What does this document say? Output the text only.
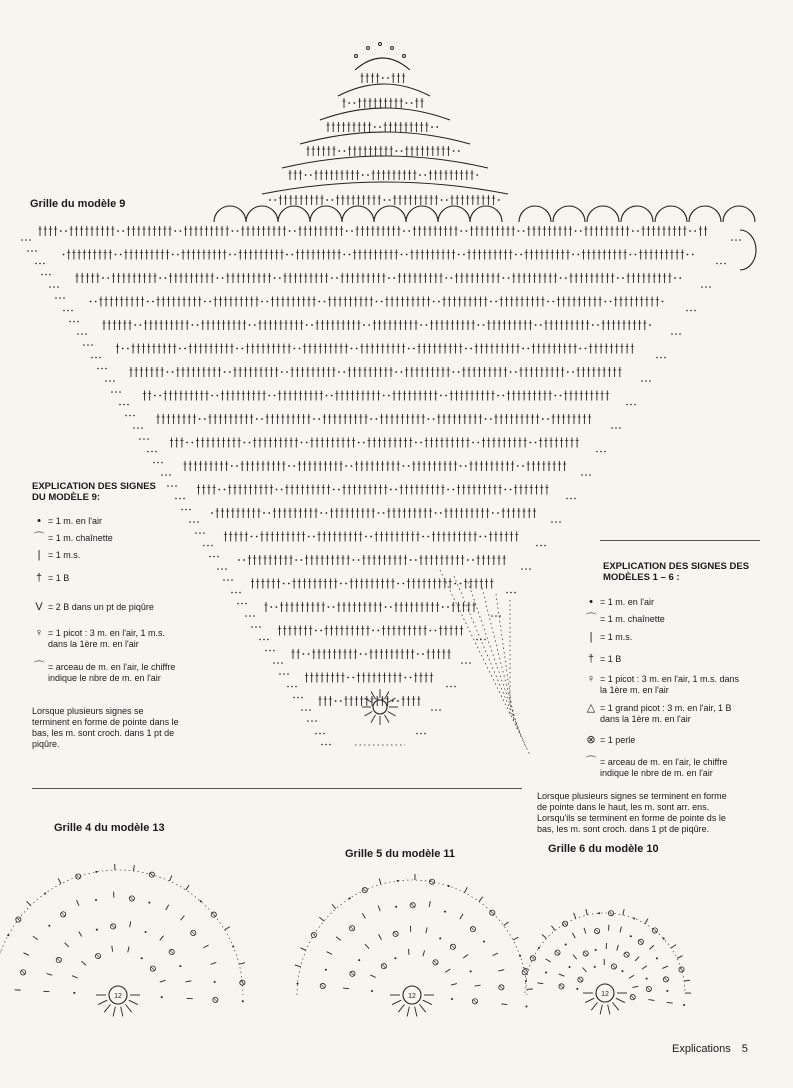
Grille du modèle 9
EXPLICATION DES SIGNES
DU MODÈLE 9:
• = 1 m. en l'air
⌒ = 1 m. chaînette
| = 1 m.s.
† = 1 B
V = 2 B dans un pt de piqûre
♀ = 1 picot : 3 m. en l'air, 1 m.s.
dans la 1ère m. en l'air
⌒ = arceau de m. en l'air, le chiffre
indique le nbre de m. en l'air
Lorsque plusieurs signes se
terminent en forme de pointe dans le
bas, les m. sont croch. dans 1 pt de
piqûre.
EXPLICATION DES SIGNES DES
MODÈLES 1 – 6 :
• = 1 m. en l'air
⌒ = 1 m. chaînette
| = 1 m.s.
† = 1 B
♀ = 1 picot : 3 m. en l'air, 1 m.s. dans
la 1ère m. en l'air
△ = 1 grand picot : 3 m. en l'air, 1 B
dans la 1ère m. en l'air
⊗ = 1 perle
⌒ = arceau de m. en l'air, le chiffre
indique le nbre de m. en l'air
Lorsque plusieurs signes se terminent en forme
de pointe dans le haut, les m. sont arr. ens.
Lorsqu'ils se terminent en forme de pointe ds le
bas, les m. sont croch. dans 1 pt de piqûre.
Grille 4 du modèle 13
Grille 5 du modèle 11	Grille 6 du modèle 10
12	12	12
Explications 5
